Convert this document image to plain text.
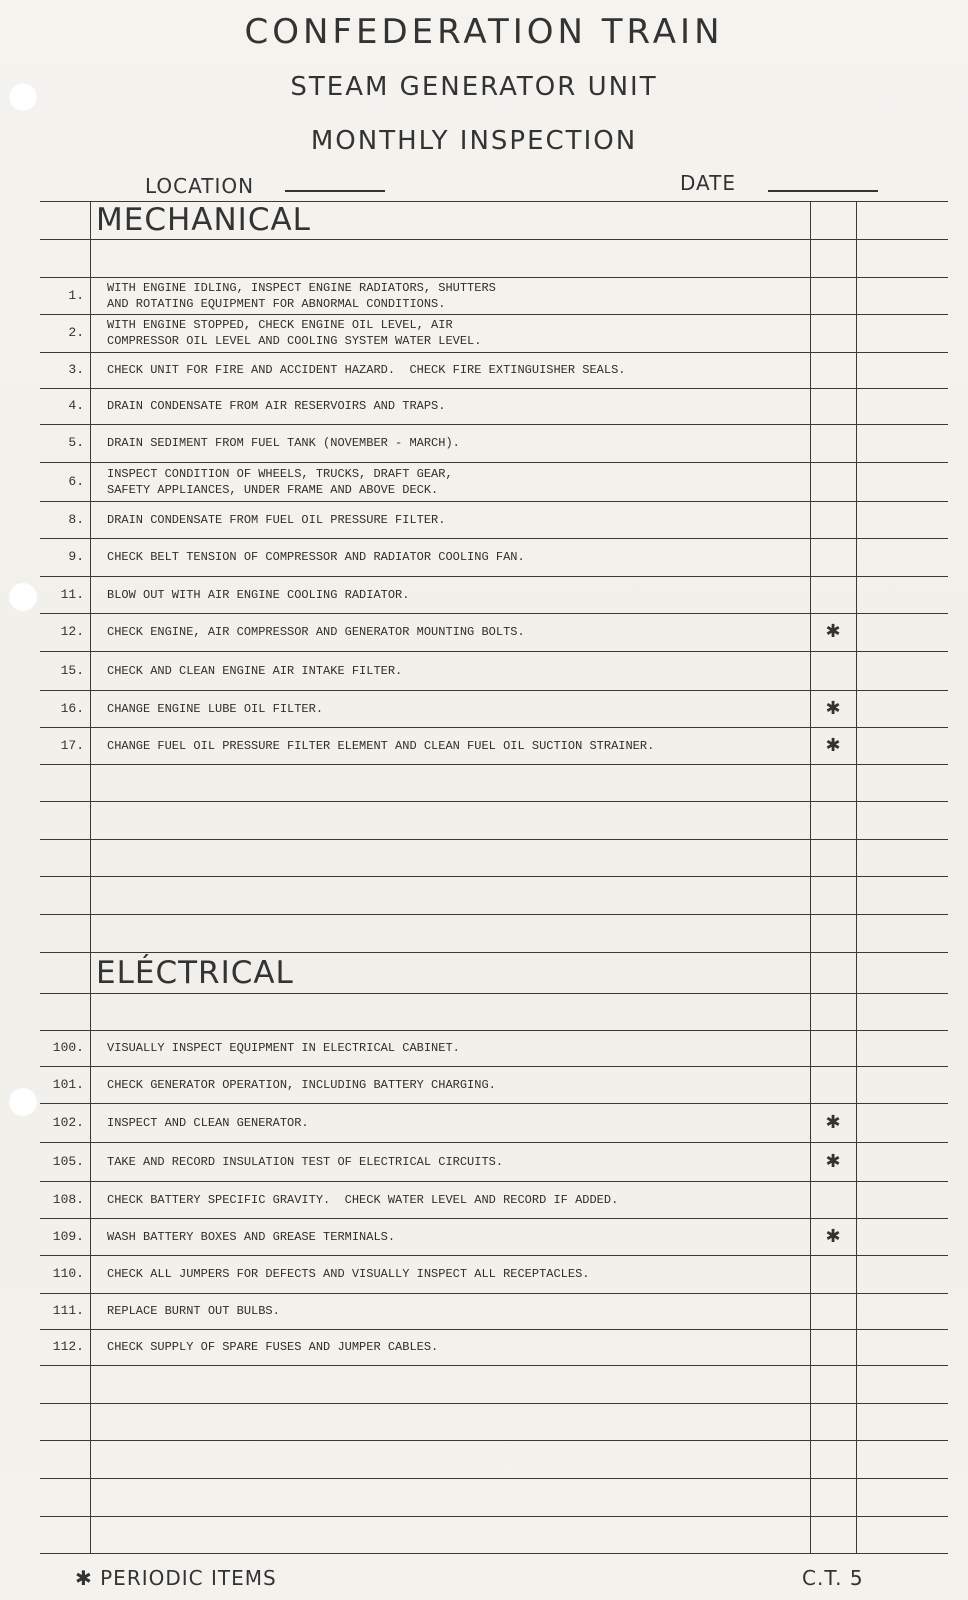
CONFEDERATION TRAIN
STEAM GENERATOR UNIT
MONTHLY INSPECTION
LOCATION	DATE
MECHANICAL
ELÉCTRICAL
1. WITH ENGINE IDLING, INSPECT ENGINE RADIATORS, SHUTTERS
AND ROTATING EQUIPMENT FOR ABNORMAL CONDITIONS.
2. WITH ENGINE STOPPED, CHECK ENGINE OIL LEVEL, AIR
COMPRESSOR OIL LEVEL AND COOLING SYSTEM WATER LEVEL.
3. CHECK UNIT FOR FIRE AND ACCIDENT HAZARD.  CHECK FIRE EXTINGUISHER SEALS.
4. DRAIN CONDENSATE FROM AIR RESERVOIRS AND TRAPS.
5. DRAIN SEDIMENT FROM FUEL TANK (NOVEMBER - MARCH).
6. INSPECT CONDITION OF WHEELS, TRUCKS, DRAFT GEAR,
SAFETY APPLIANCES, UNDER FRAME AND ABOVE DECK.
8. DRAIN CONDENSATE FROM FUEL OIL PRESSURE FILTER.
9. CHECK BELT TENSION OF COMPRESSOR AND RADIATOR COOLING FAN.
11. BLOW OUT WITH AIR ENGINE COOLING RADIATOR.
12. CHECK ENGINE, AIR COMPRESSOR AND GENERATOR MOUNTING BOLTS.	✱
15. CHECK AND CLEAN ENGINE AIR INTAKE FILTER.
16. CHANGE ENGINE LUBE OIL FILTER.	✱
17. CHANGE FUEL OIL PRESSURE FILTER ELEMENT AND CLEAN FUEL OIL SUCTION STRAINER.	✱
100. VISUALLY INSPECT EQUIPMENT IN ELECTRICAL CABINET.
101. CHECK GENERATOR OPERATION, INCLUDING BATTERY CHARGING.
102. INSPECT AND CLEAN GENERATOR.	✱
105. TAKE AND RECORD INSULATION TEST OF ELECTRICAL CIRCUITS.	✱
108. CHECK BATTERY SPECIFIC GRAVITY.  CHECK WATER LEVEL AND RECORD IF ADDED.
109. WASH BATTERY BOXES AND GREASE TERMINALS.	✱
110. CHECK ALL JUMPERS FOR DEFECTS AND VISUALLY INSPECT ALL RECEPTACLES.
111. REPLACE BURNT OUT BULBS.
112. CHECK SUPPLY OF SPARE FUSES AND JUMPER CABLES.
✱ PERIODIC ITEMS	C.T. 5
